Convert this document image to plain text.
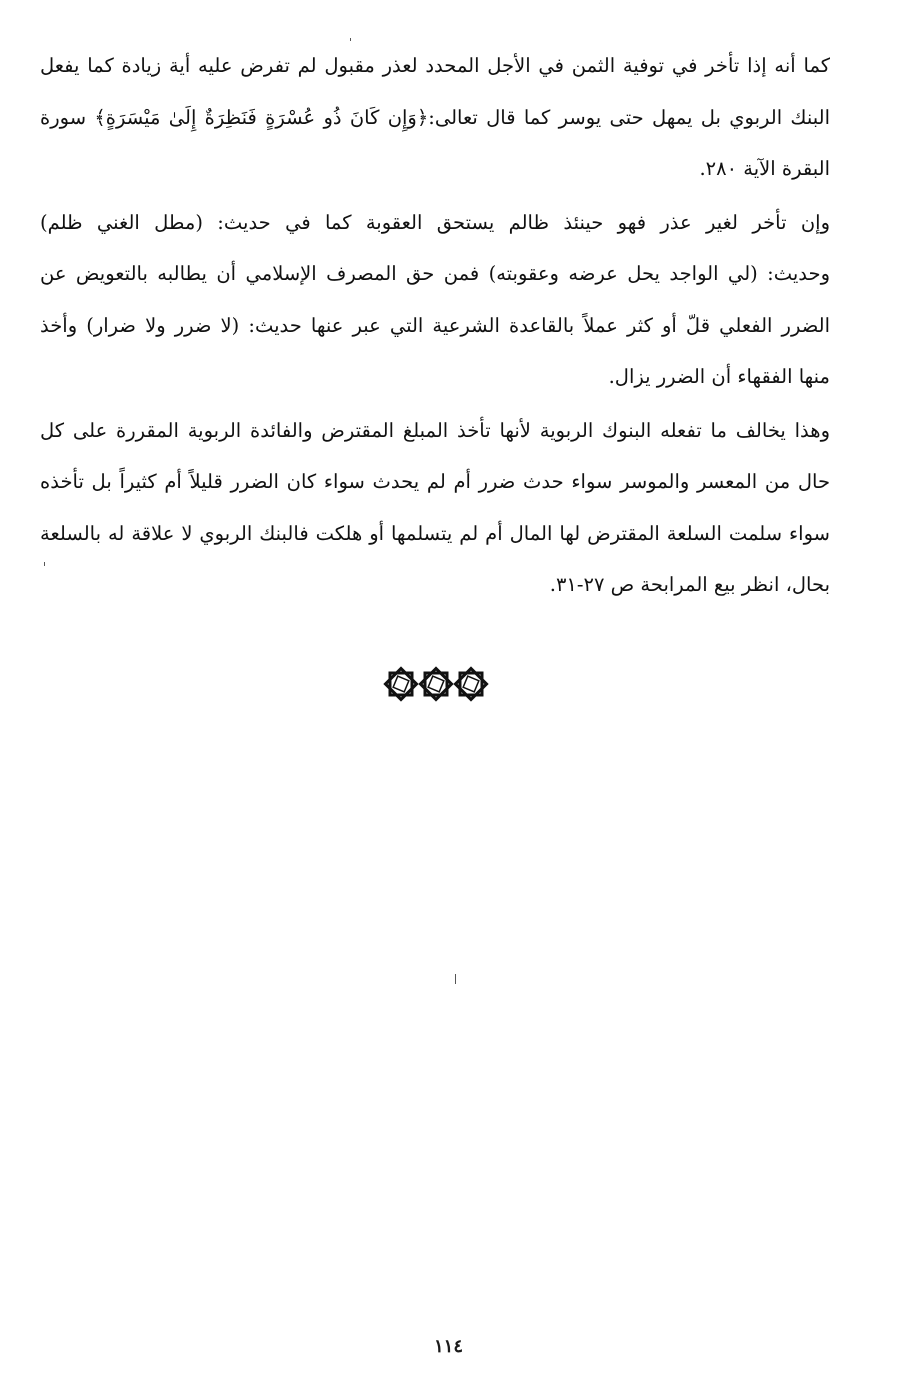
كما أنه إذا تأخر في توفية الثمن في الأجل المحدد لعذر مقبول لم تفرض عليه أية زيادة كما يفعل
البنك الربوي بل يمهل حتى يوسر كما قال تعالى:﴿وَإِن كَانَ ذُو عُسْرَةٍ فَنَظِرَةٌ إِلَىٰ مَيْسَرَةٍ﴾ سورة
البقرة الآية ٢٨٠.
وإن تأخر لغير عذر فهو حينئذ ظالم يستحق العقوبة كما في حديث: (مطل الغني ظلم)
وحديث: (لي الواجد يحل عرضه وعقوبته) فمن حق المصرف الإسلامي أن يطالبه بالتعويض عن
الضرر الفعلي قلّ أو كثر عملاً بالقاعدة الشرعية التي عبر عنها حديث: (لا ضرر ولا ضرار) وأخذ
منها الفقهاء أن الضرر يزال.
وهذا يخالف ما تفعله البنوك الربوية لأنها تأخذ المبلغ المقترض والفائدة الربوية المقررة على كل
حال من المعسر والموسر سواء حدث ضرر أم لم يحدث سواء كان الضرر قليلاً أم كثيراً بل تأخذه
سواء سلمت السلعة المقترض لها المال أم لم يتسلمها أو هلكت فالبنك الربوي لا علاقة له بالسلعة
بحال، انظر بيع المرابحة ص ٢٧-٣١.
١١٤
